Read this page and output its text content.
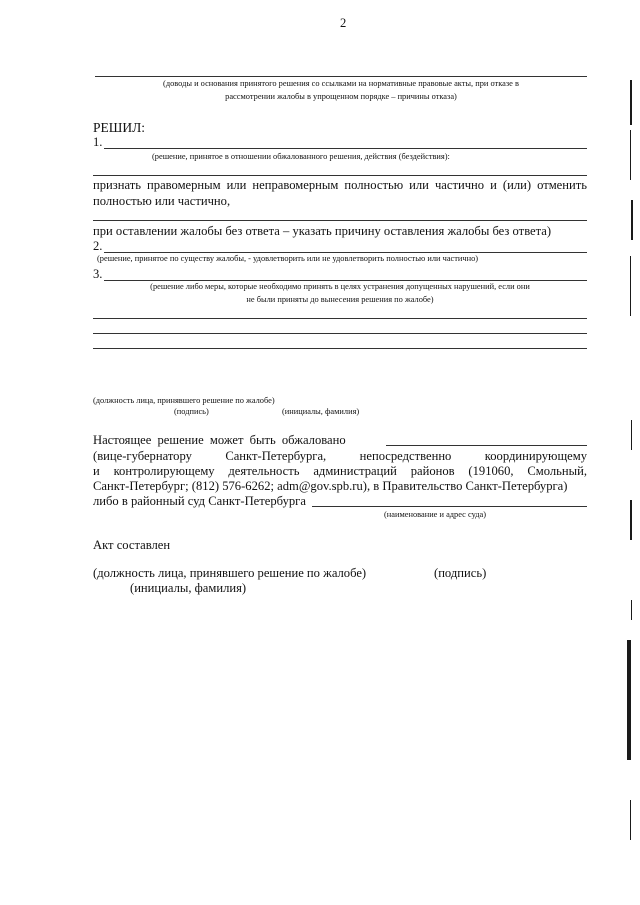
2
(доводы и основания принятого решения со ссылками на нормативные правовые акты, при отказе в
рассмотрении жалобы в упрощенном порядке – причины отказа)
РЕШИЛ:
1.
(решение, принятое в отношении обжалованного решения, действия (бездействия):
признать правомерным или неправомерным полностью или частично и (или) отменить
полностью или частично,
при оставлении жалобы без ответа – указать причину оставления жалобы без ответа)
2.
(решение, принятое по существу жалобы, - удовлетворить или не удовлетворить полностью или частично)
3.
(решение либо меры, которые необходимо принять в целях устранения допущенных нарушений, если они
не были приняты до вынесения решения по жалобе)
(должность лица, принявшего решение по жалобе)
(подпись)	(инициалы, фамилия)
Настоящее решение может быть обжаловано
(вице-губернатору Санкт-Петербурга, непосредственно координирующему
и контролирующему деятельность администраций районов (191060, Смольный,
Санкт-Петербург; (812) 576-6262; adm@gov.spb.ru), в Правительство Санкт-Петербурга)
либо в районный суд Санкт-Петербурга
(наименование и адрес суда)
Акт составлен
(должность лица, принявшего решение по жалобе)	(подпись)
(инициалы, фамилия)
